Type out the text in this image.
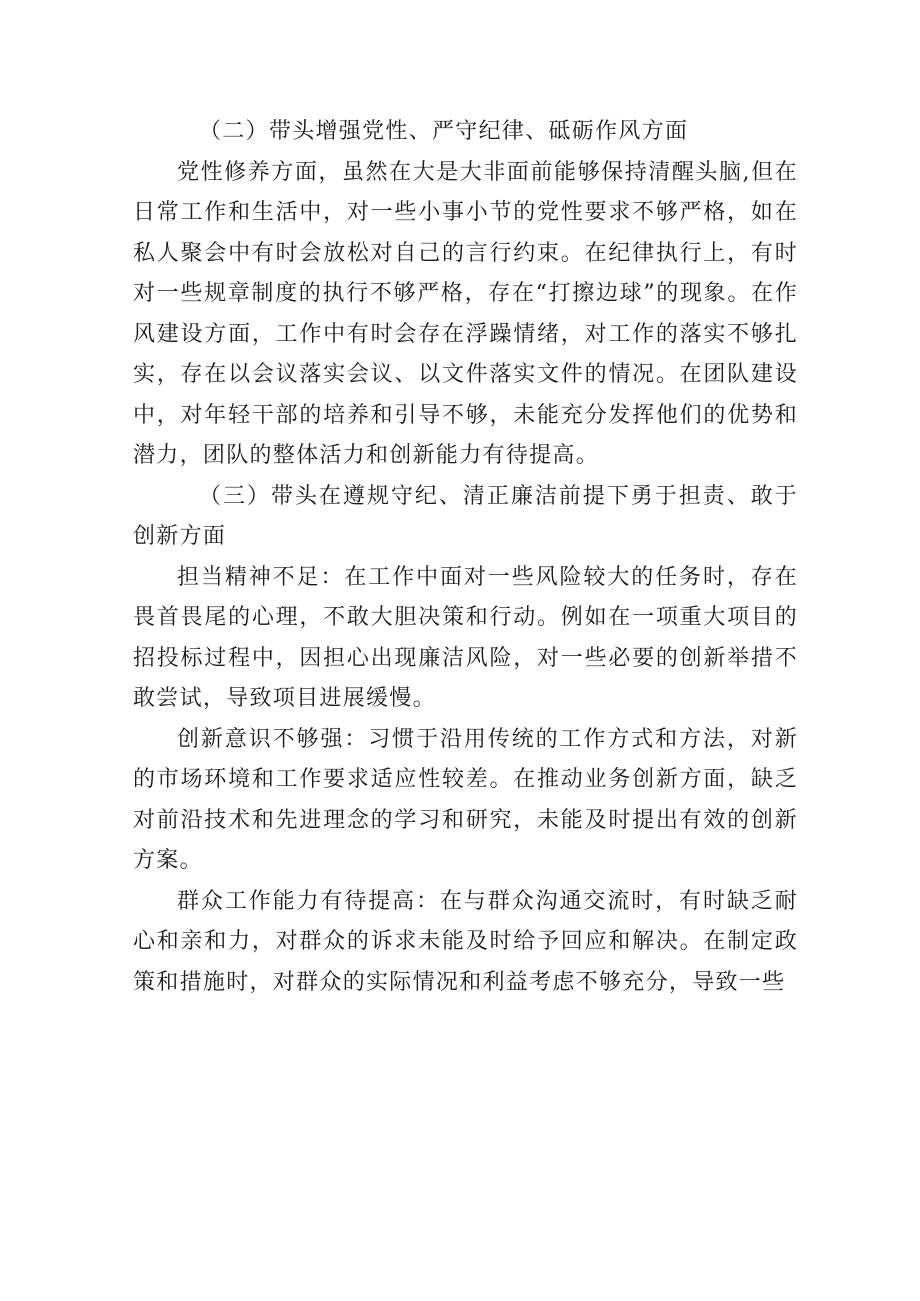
（二）带头增强党性、严守纪律、砥砺作风方面

党性修养方面，虽然在大是大非面前能够保持清醒头脑,但在日常工作和生活中，对一些小事小节的党性要求不够严格，如在私人聚会中有时会放松对自己的言行约束。在纪律执行上，有时对一些规章制度的执行不够严格，存在“打擦边球”的现象。在作风建设方面，工作中有时会存在浮躁情绪，对工作的落实不够扎实，存在以会议落实会议、以文件落实文件的情况。在团队建设中，对年轻干部的培养和引导不够，未能充分发挥他们的优势和潜力，团队的整体活力和创新能力有待提高。

（三）带头在遵规守纪、清正廉洁前提下勇于担责、敢于创新方面

担当精神不足：在工作中面对一些风险较大的任务时，存在畏首畏尾的心理，不敢大胆决策和行动。例如在一项重大项目的招投标过程中，因担心出现廉洁风险，对一些必要的创新举措不敢尝试，导致项目进展缓慢。

创新意识不够强：习惯于沿用传统的工作方式和方法，对新的市场环境和工作要求适应性较差。在推动业务创新方面，缺乏对前沿技术和先进理念的学习和研究，未能及时提出有效的创新方案。

群众工作能力有待提高：在与群众沟通交流时，有时缺乏耐心和亲和力，对群众的诉求未能及时给予回应和解决。在制定政策和措施时，对群众的实际情况和利益考虑不够充分，导致一些
